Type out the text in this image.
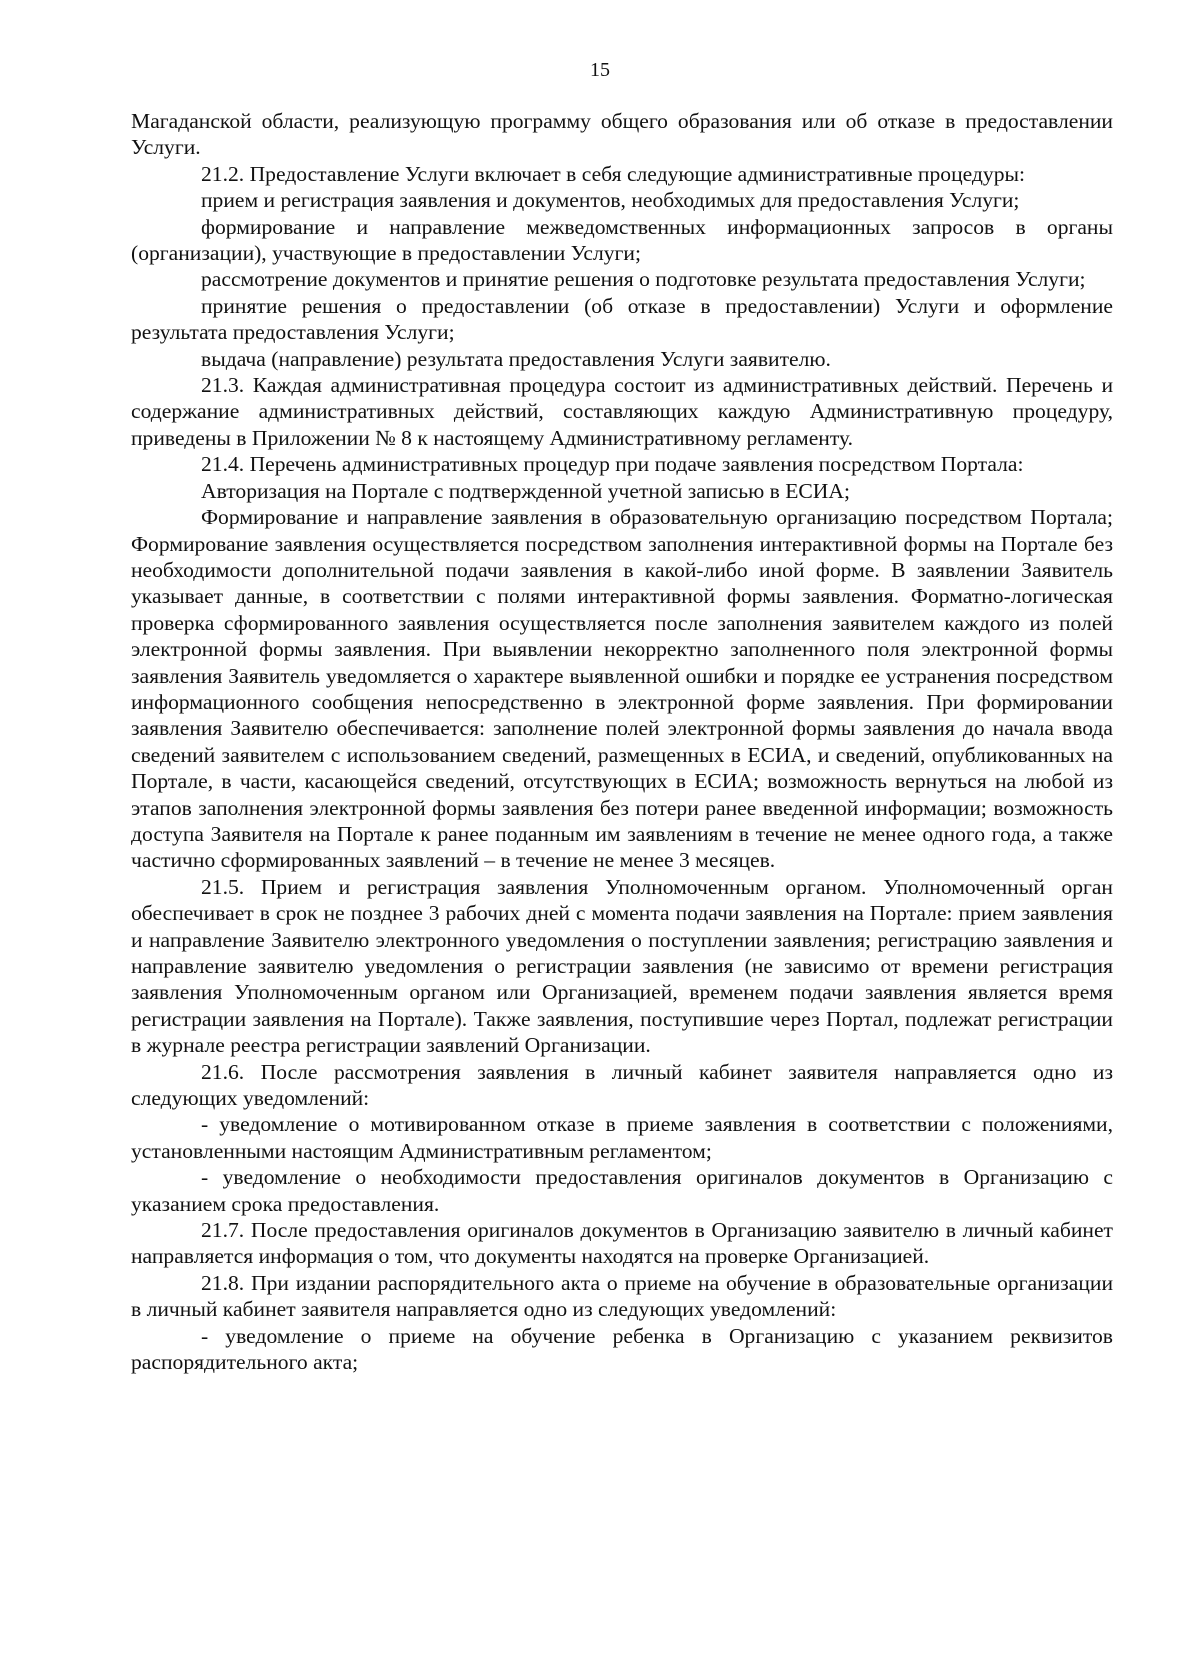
15

Магаданской области, реализующую программу общего образования или об отказе в предоставлении Услуги.

21.2. Предоставление Услуги включает в себя следующие административные процедуры:

прием и регистрация заявления и документов, необходимых для предоставления Услуги;

формирование и направление межведомственных информационных запросов в органы (организации), участвующие в предоставлении Услуги;

рассмотрение документов и принятие решения о подготовке результата предоставления Услуги;

принятие решения о предоставлении (об отказе в предоставлении) Услуги и оформление результата предоставления Услуги;

выдача (направление) результата предоставления Услуги заявителю.

21.3. Каждая административная процедура состоит из административных действий. Перечень и содержание административных действий, составляющих каждую Административную процедуру, приведены в Приложении № 8 к настоящему Административному регламенту.

21.4. Перечень административных процедур при подаче заявления посредством Портала:

Авторизация на Портале с подтвержденной учетной записью в ЕСИА;

Формирование и направление заявления в образовательную организацию посредством Портала; Формирование заявления осуществляется посредством заполнения интерактивной формы на Портале без необходимости дополнительной подачи заявления в какой-либо иной форме. В заявлении Заявитель указывает данные, в соответствии с полями интерактивной формы заявления. Форматно-логическая проверка сформированного заявления осуществляется после заполнения заявителем каждого из полей электронной формы заявления. При выявлении некорректно заполненного поля электронной формы заявления Заявитель уведомляется о характере выявленной ошибки и порядке ее устранения посредством информационного сообщения непосредственно в электронной форме заявления. При формировании заявления Заявителю обеспечивается: заполнение полей электронной формы заявления до начала ввода сведений заявителем с использованием сведений, размещенных в ЕСИА, и сведений, опубликованных на Портале, в части, касающейся сведений, отсутствующих в ЕСИА; возможность вернуться на любой из этапов заполнения электронной формы заявления без потери ранее введенной информации; возможность доступа Заявителя на Портале к ранее поданным им заявлениям в течение не менее одного года, а также частично сформированных заявлений – в течение не менее 3 месяцев.

21.5. Прием и регистрация заявления Уполномоченным органом. Уполномоченный орган обеспечивает в срок не позднее 3 рабочих дней с момента подачи заявления на Портале: прием заявления и направление Заявителю электронного уведомления о поступлении заявления; регистрацию заявления и направление заявителю уведомления о регистрации заявления (не зависимо от времени регистрация заявления Уполномоченным органом или Организацией, временем подачи заявления является время регистрации заявления на Портале). Также заявления, поступившие через Портал, подлежат регистрации в журнале реестра регистрации заявлений Организации.

21.6. После рассмотрения заявления в личный кабинет заявителя направляется одно из следующих уведомлений:

- уведомление о мотивированном отказе в приеме заявления в соответствии с положениями, установленными настоящим Административным регламентом;

- уведомление о необходимости предоставления оригиналов документов в Организацию с указанием срока предоставления.

21.7. После предоставления оригиналов документов в Организацию заявителю в личный кабинет направляется информация о том, что документы находятся на проверке Организацией.

21.8. При издании распорядительного акта о приеме на обучение в образовательные организации в личный кабинет заявителя направляется одно из следующих уведомлений:

- уведомление о приеме на обучение ребенка в Организацию с указанием реквизитов распорядительного акта;
